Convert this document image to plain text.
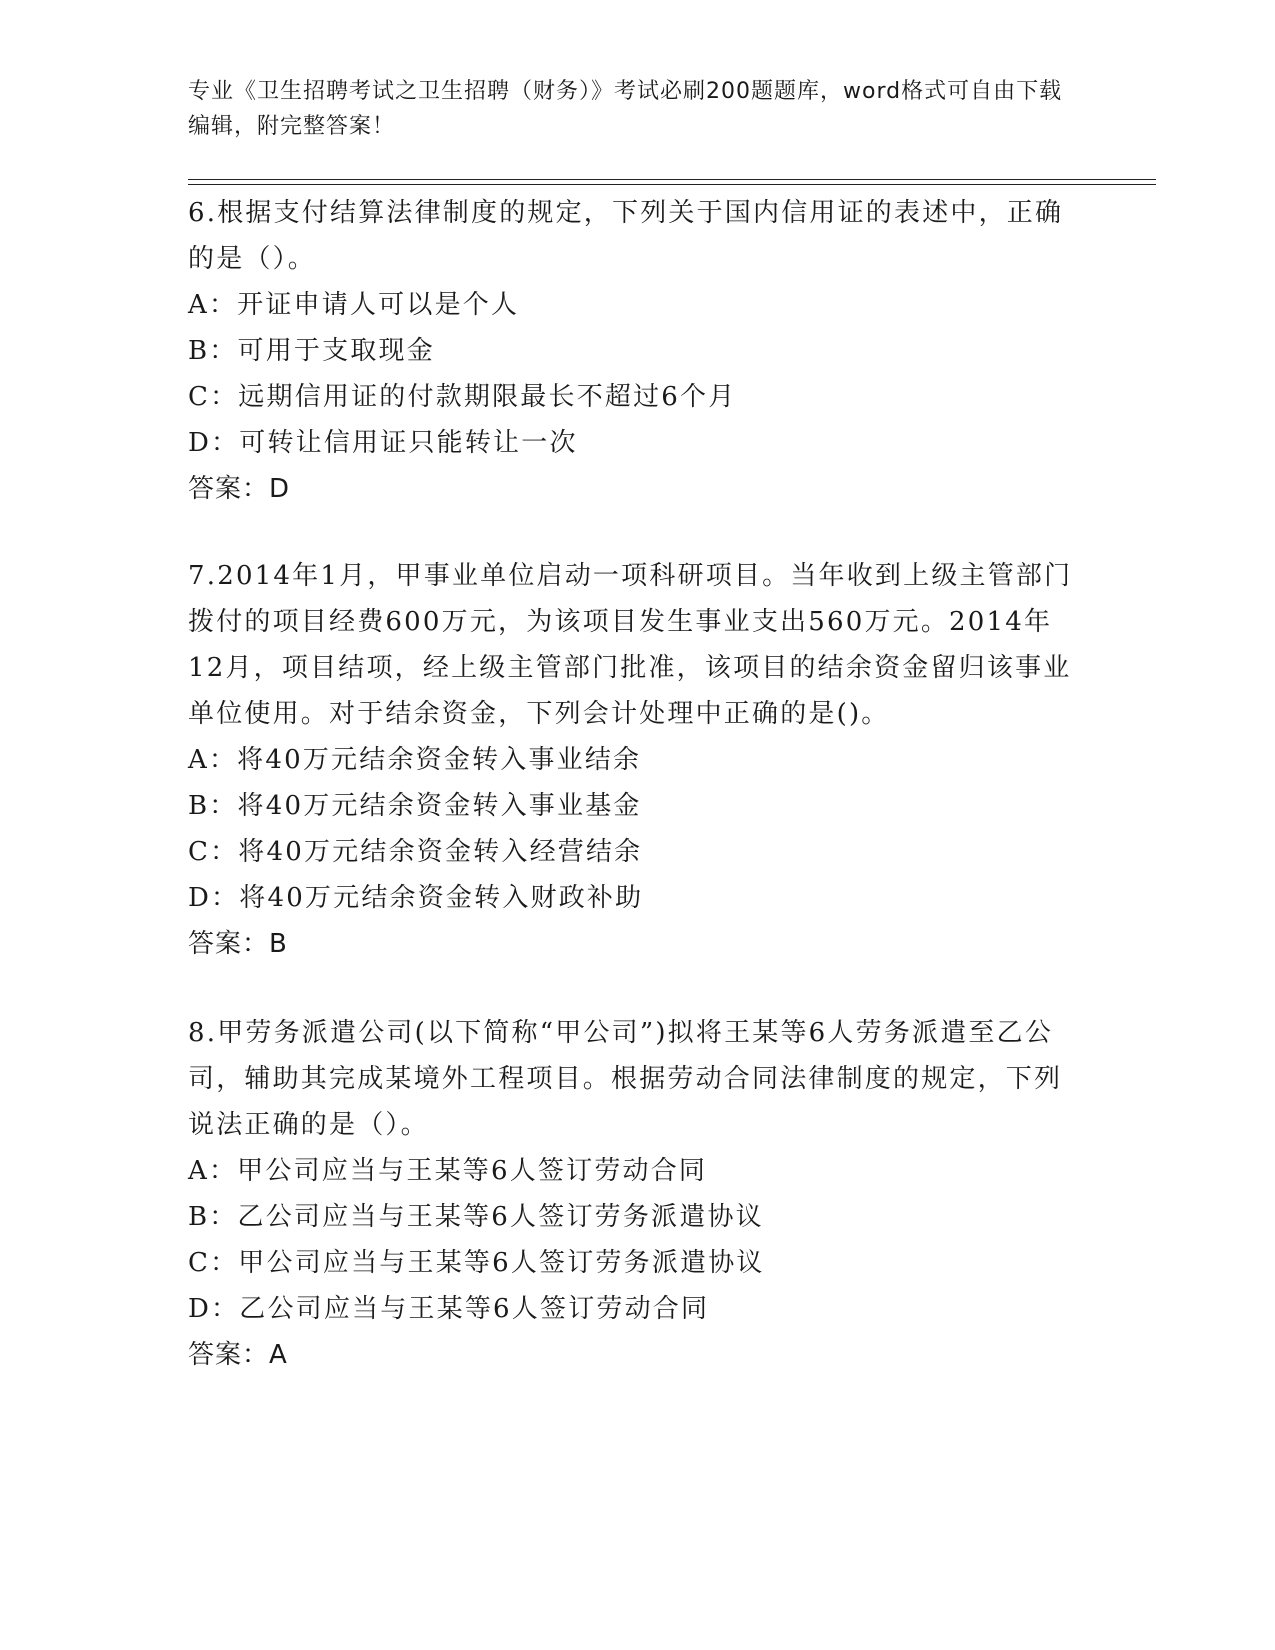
专业《卫生招聘考试之卫生招聘（财务）》考试必刷200题题库，word格式可自由下载编辑，附完整答案！
6.根据支付结算法律制度的规定，下列关于国内信用证的表述中，正确的是（）。
A：开证申请人可以是个人
B：可用于支取现金
C：远期信用证的付款期限最长不超过6个月
D：可转让信用证只能转让一次
答案：D
7.2014年1月，甲事业单位启动一项科研项目。当年收到上级主管部门拨付的项目经费600万元，为该项目发生事业支出560万元。2014年12月，项目结项，经上级主管部门批准，该项目的结余资金留归该事业单位使用。对于结余资金，下列会计处理中正确的是()。
A：将40万元结余资金转入事业结余
B：将40万元结余资金转入事业基金
C：将40万元结余资金转入经营结余
D：将40万元结余资金转入财政补助
答案：B
8.甲劳务派遣公司(以下简称“甲公司”)拟将王某等6人劳务派遣至乙公司，辅助其完成某境外工程项目。根据劳动合同法律制度的规定，下列说法正确的是（）。
A：甲公司应当与王某等6人签订劳动合同
B：乙公司应当与王某等6人签订劳务派遣协议
C：甲公司应当与王某等6人签订劳务派遣协议
D：乙公司应当与王某等6人签订劳动合同
答案：A
